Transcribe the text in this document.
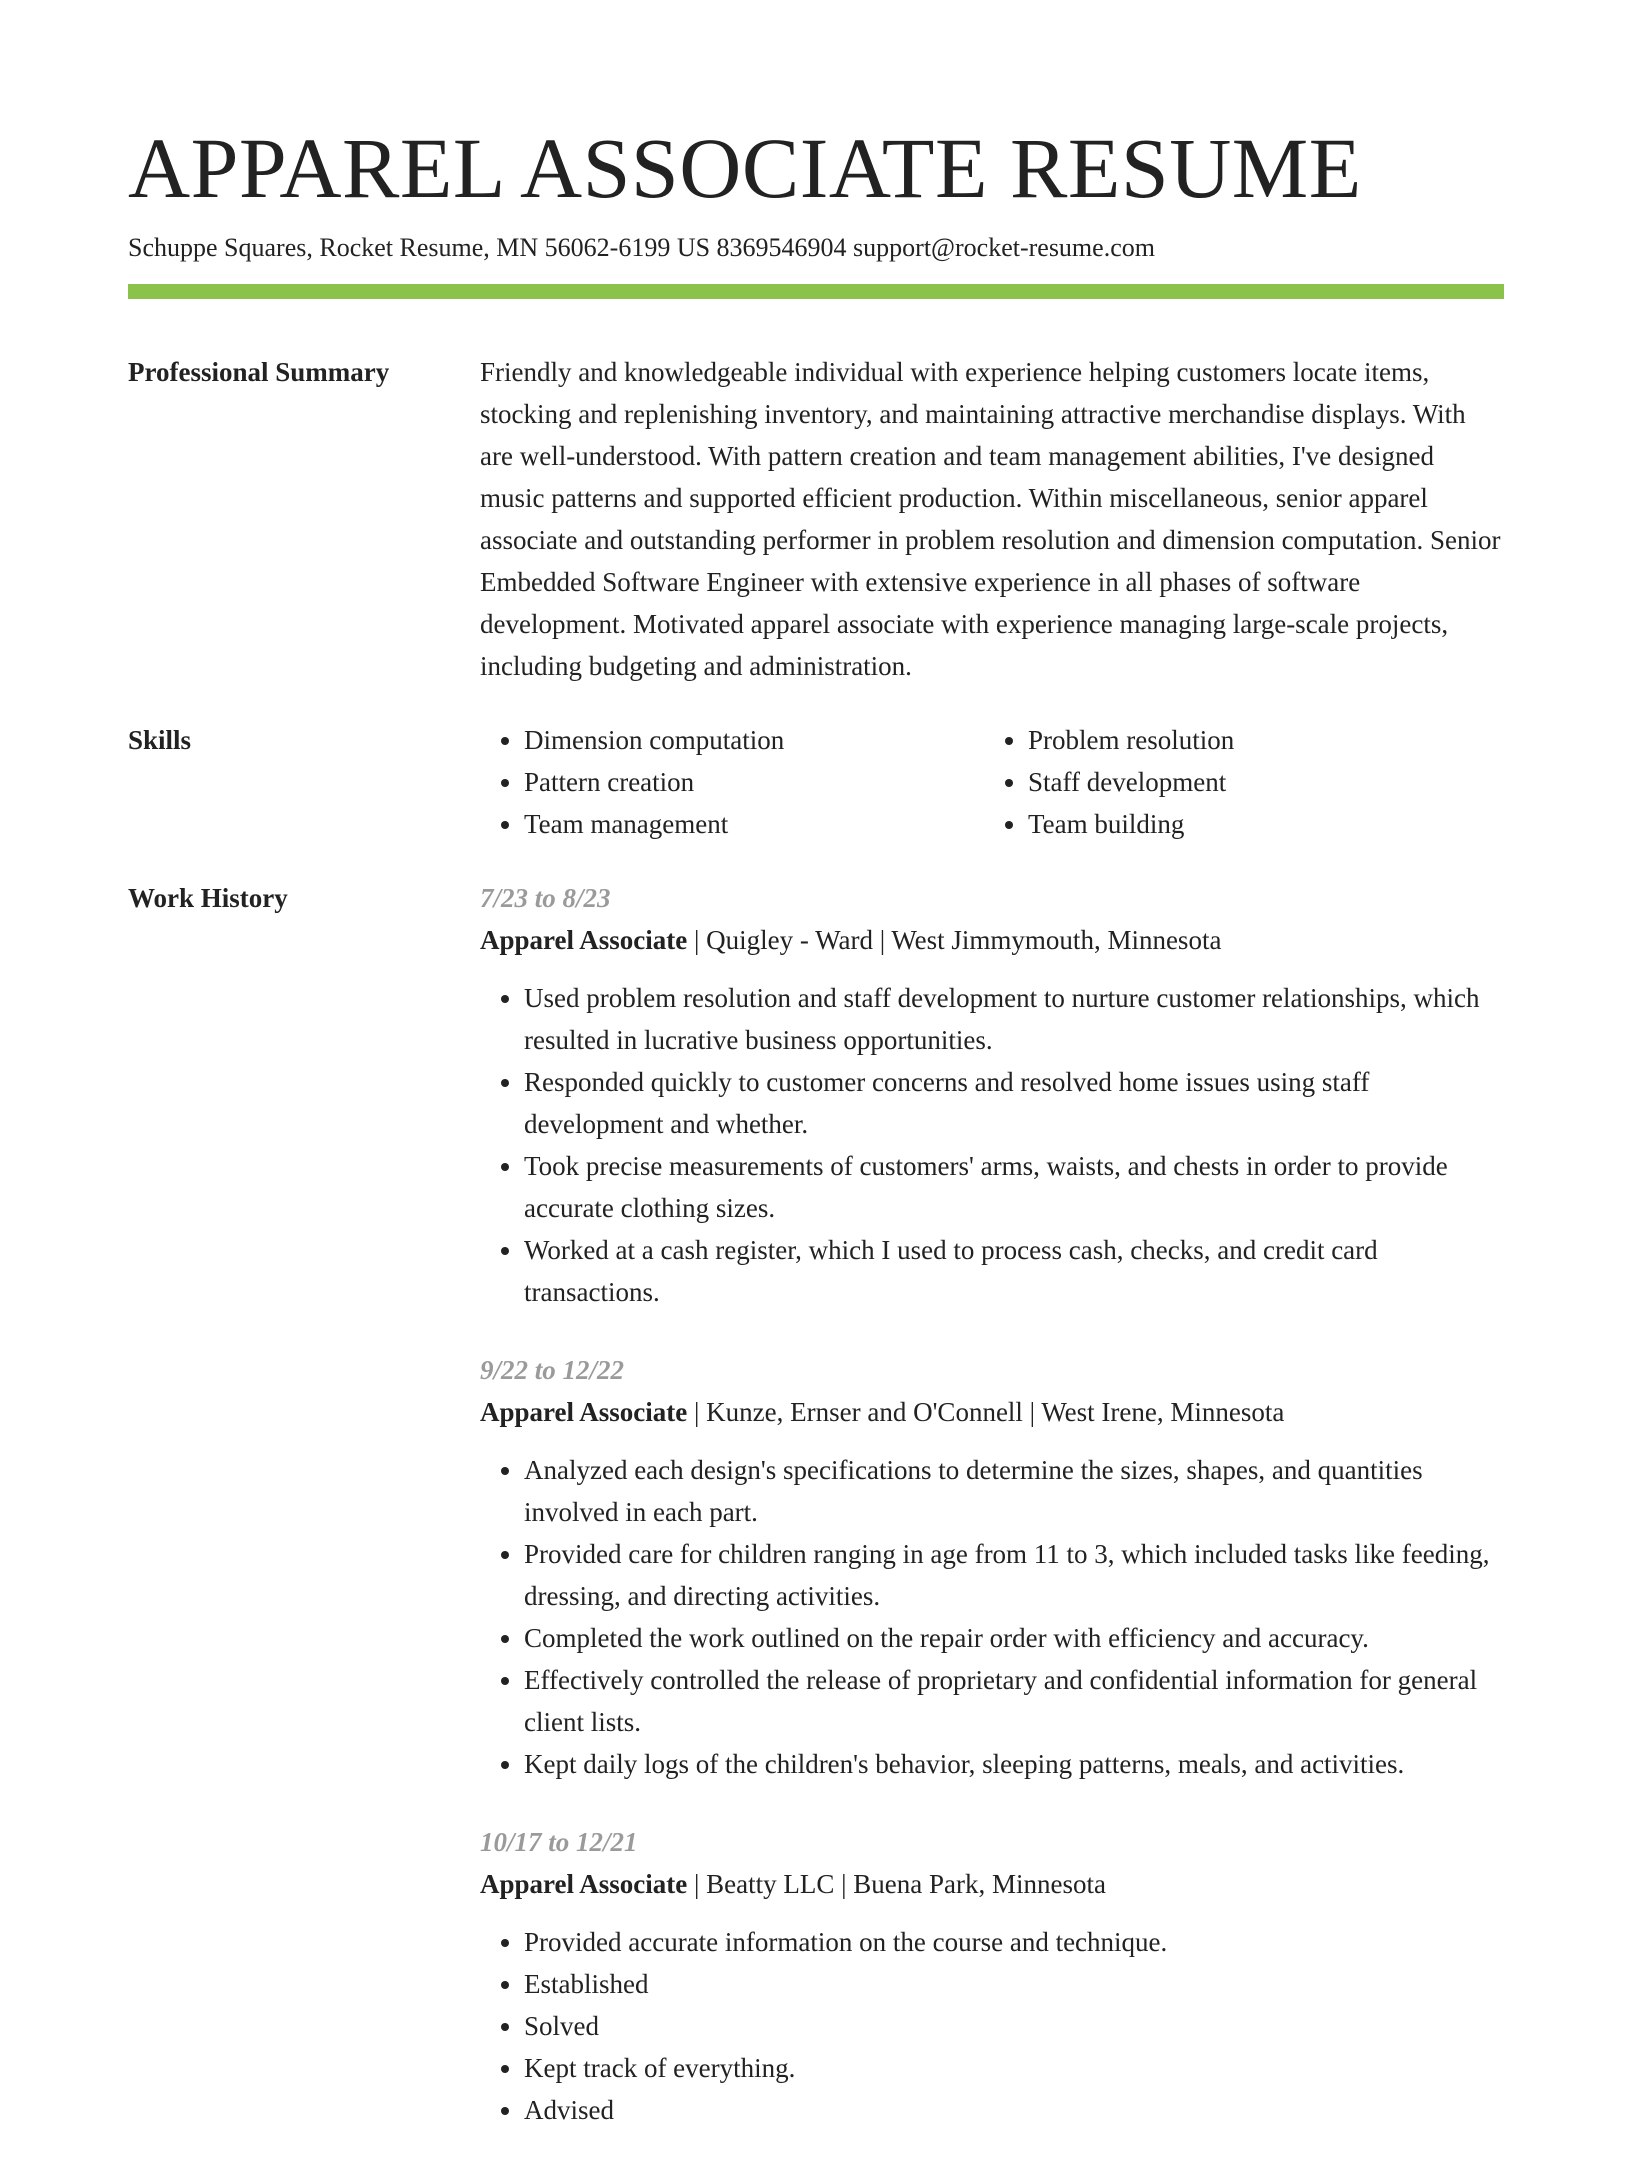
APPAREL ASSOCIATE RESUME
Schuppe Squares, Rocket Resume, MN 56062-6199 US 8369546904 support@rocket-resume.com
Professional Summary	Friendly and knowledgeable individual with experience helping customers locate items, stocking and replenishing inventory, and maintaining attractive merchandise displays. With are well-understood. With pattern creation and team management abilities, I've designed music patterns and supported efficient production. Within miscellaneous, senior apparel associate and outstanding performer in problem resolution and dimension computation. Senior Embedded Software Engineer with extensive experience in all phases of software development. Motivated apparel associate with experience managing large-scale projects, including budgeting and administration.
Skills
•	Dimension computation
• Pattern creation
• Team management
• Problem resolution
• Staff development
• Team building
Work History	7/23 to 8/23
Apparel Associate | Quigley - Ward | West Jimmymouth, Minnesota
• Used problem resolution and staff development to nurture customer relationships, which resulted in lucrative business opportunities.
• Responded quickly to customer concerns and resolved home issues using staff development and whether.
• Took precise measurements of customers' arms, waists, and chests in order to provide accurate clothing sizes.
• Worked at a cash register, which I used to process cash, checks, and credit card transactions.
9/22 to 12/22
Apparel Associate | Kunze, Ernser and O'Connell | West Irene, Minnesota
• Analyzed each design's specifications to determine the sizes, shapes, and quantities involved in each part.
• Provided care for children ranging in age from 11 to 3, which included tasks like feeding, dressing, and directing activities.
• Completed the work outlined on the repair order with efficiency and accuracy.
• Effectively controlled the release of proprietary and confidential information for general client lists.
• Kept daily logs of the children's behavior, sleeping patterns, meals, and activities.
10/17 to 12/21
Apparel Associate | Beatty LLC | Buena Park, Minnesota
• Provided accurate information on the course and technique.
• Established
• Solved
• Kept track of everything.
• Advised
